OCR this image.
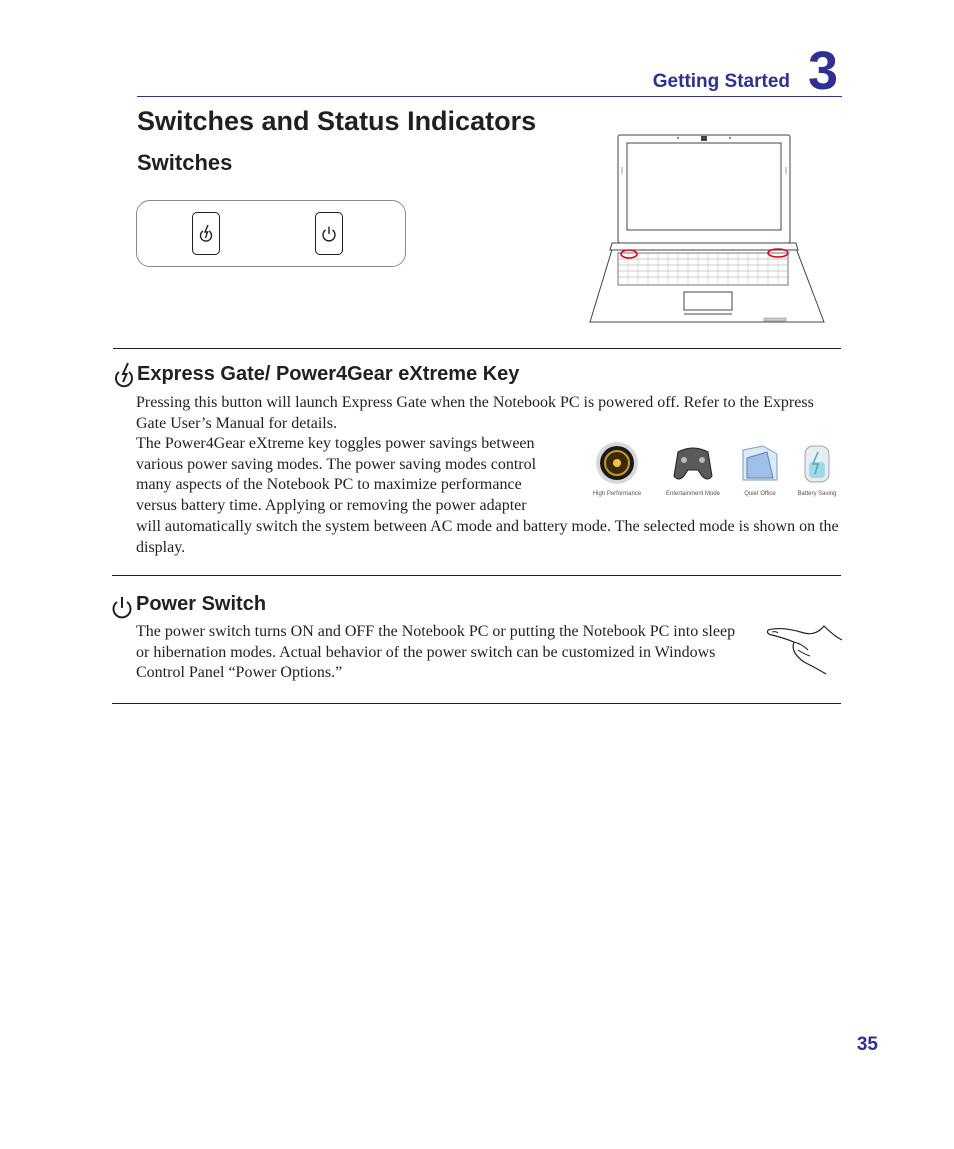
Getting Started 3
Switches and Status Indicators
Switches
Express Gate/ Power4Gear eXtreme Key

Pressing this button will launch Express Gate when the Notebook PC is powered off. Refer to the Express Gate User’s Manual for details.

The Power4Gear eXtreme key toggles power savings between

various power saving modes. The power saving modes control

many aspects of the Notebook PC to maximize performance

versus battery time. Applying or removing the power adapter

will automatically switch the system between AC mode and battery mode. The selected mode is shown on the display.

High Performance	Entertainment Mode	Quiet Office	Battery Saving
Power Switch

The power switch turns ON and OFF the Notebook PC or putting the Notebook PC into sleep or hibernation modes. Actual behavior of the power switch can be customized in Windows Control Panel “Power Options.”

35
